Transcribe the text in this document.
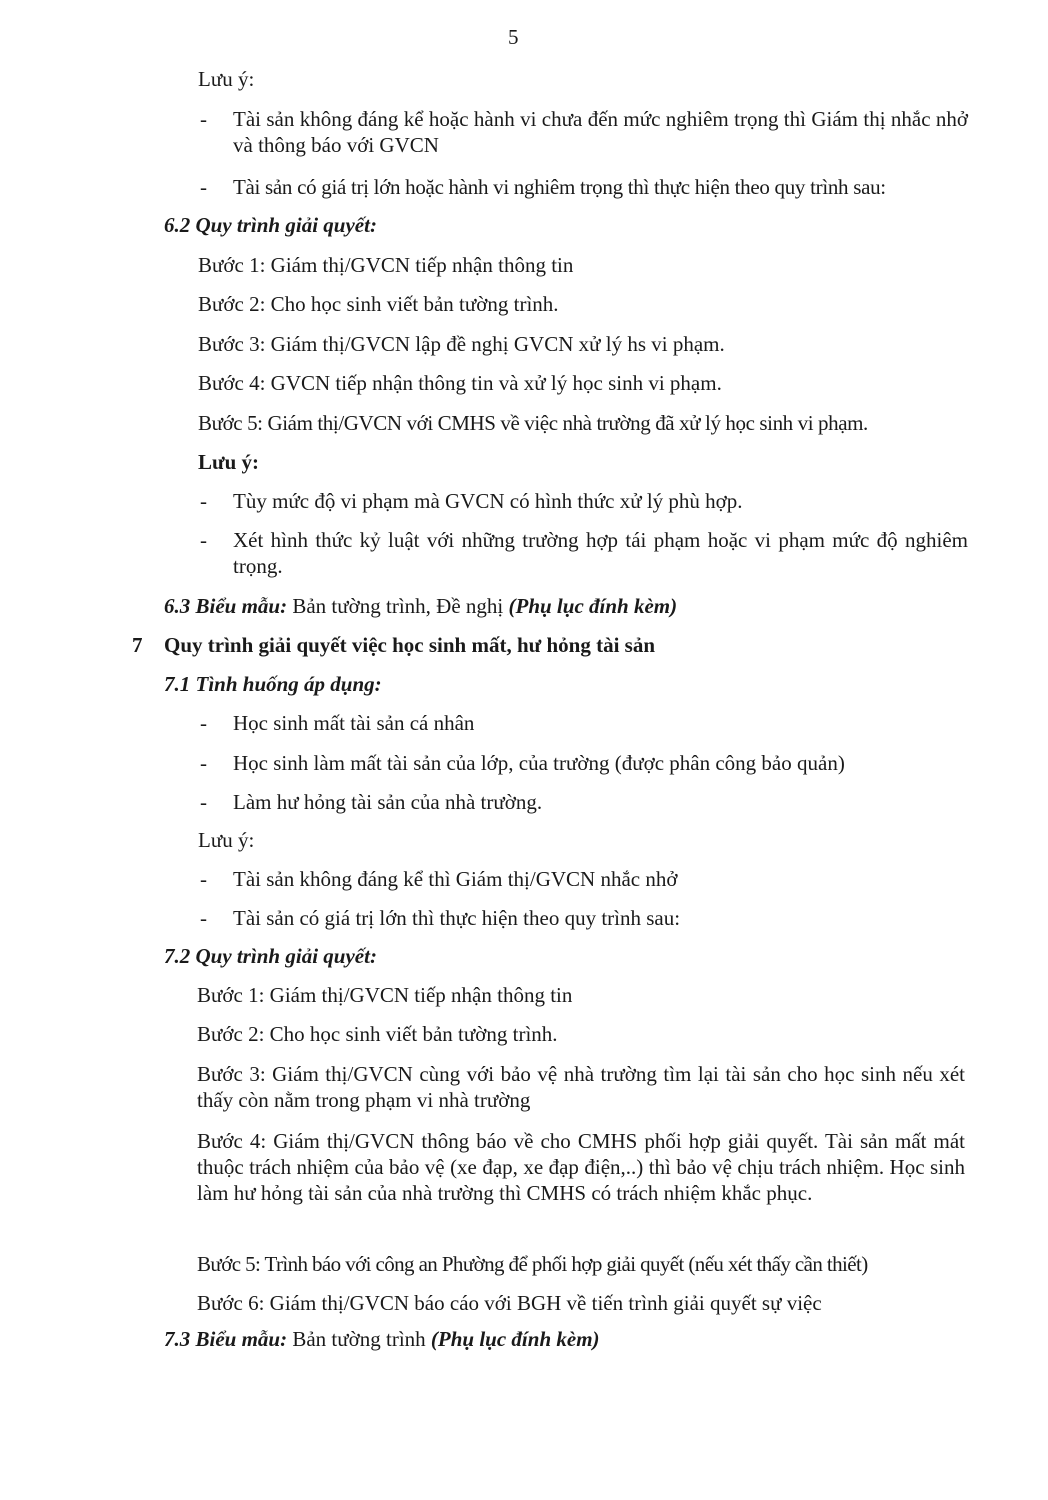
5
Lưu ý:
- Tài sản không đáng kể hoặc hành vi chưa đến mức nghiêm trọng thì Giám thị nhắc nhở và thông báo với GVCN
- Tài sản có giá trị lớn hoặc hành vi nghiêm trọng thì thực hiện theo quy trình sau:
6.2 Quy trình giải quyết:
Bước 1: Giám thị/GVCN tiếp nhận thông tin
Bước 2: Cho học sinh viết bản tường trình.
Bước 3: Giám thị/GVCN lập đề nghị GVCN xử lý hs vi phạm.
Bước 4: GVCN tiếp nhận thông tin và xử lý học sinh vi phạm.
Bước 5: Giám thị/GVCN với CMHS về việc nhà trường đã xử lý học sinh vi phạm.
Lưu ý:
- Tùy mức độ vi phạm mà GVCN có hình thức xử lý phù hợp.
- Xét hình thức kỷ luật với những trường hợp tái phạm hoặc vi phạm mức độ nghiêm trọng.
6.3 Biểu mẫu: Bản tường trình, Đề nghị (Phụ lục đính kèm)
7 Quy trình giải quyết việc học sinh mất, hư hỏng tài sản
7.1 Tình huống áp dụng:
- Học sinh mất tài sản cá nhân
- Học sinh làm mất tài sản của lớp, của trường (được phân công bảo quản)
- Làm hư hỏng tài sản của nhà trường.
Lưu ý:
- Tài sản không đáng kể thì Giám thị/GVCN nhắc nhở
- Tài sản có giá trị lớn thì thực hiện theo quy trình sau:
7.2 Quy trình giải quyết:
Bước 1: Giám thị/GVCN tiếp nhận thông tin
Bước 2: Cho học sinh viết bản tường trình.
Bước 3: Giám thị/GVCN cùng với bảo vệ nhà trường tìm lại tài sản cho học sinh nếu xét thấy còn nằm trong phạm vi nhà trường
Bước 4: Giám thị/GVCN thông báo về cho CMHS phối hợp giải quyết. Tài sản mất mát thuộc trách nhiệm của bảo vệ (xe đạp, xe đạp điện,..) thì bảo vệ chịu trách nhiệm. Học sinh làm hư hỏng tài sản của nhà trường thì CMHS có trách nhiệm khắc phục.
Bước 5: Trình báo với công an Phường để phối hợp giải quyết (nếu xét thấy cần thiết)
Bước 6: Giám thị/GVCN báo cáo với BGH về tiến trình giải quyết sự việc
7.3 Biểu mẫu: Bản tường trình (Phụ lục đính kèm)
